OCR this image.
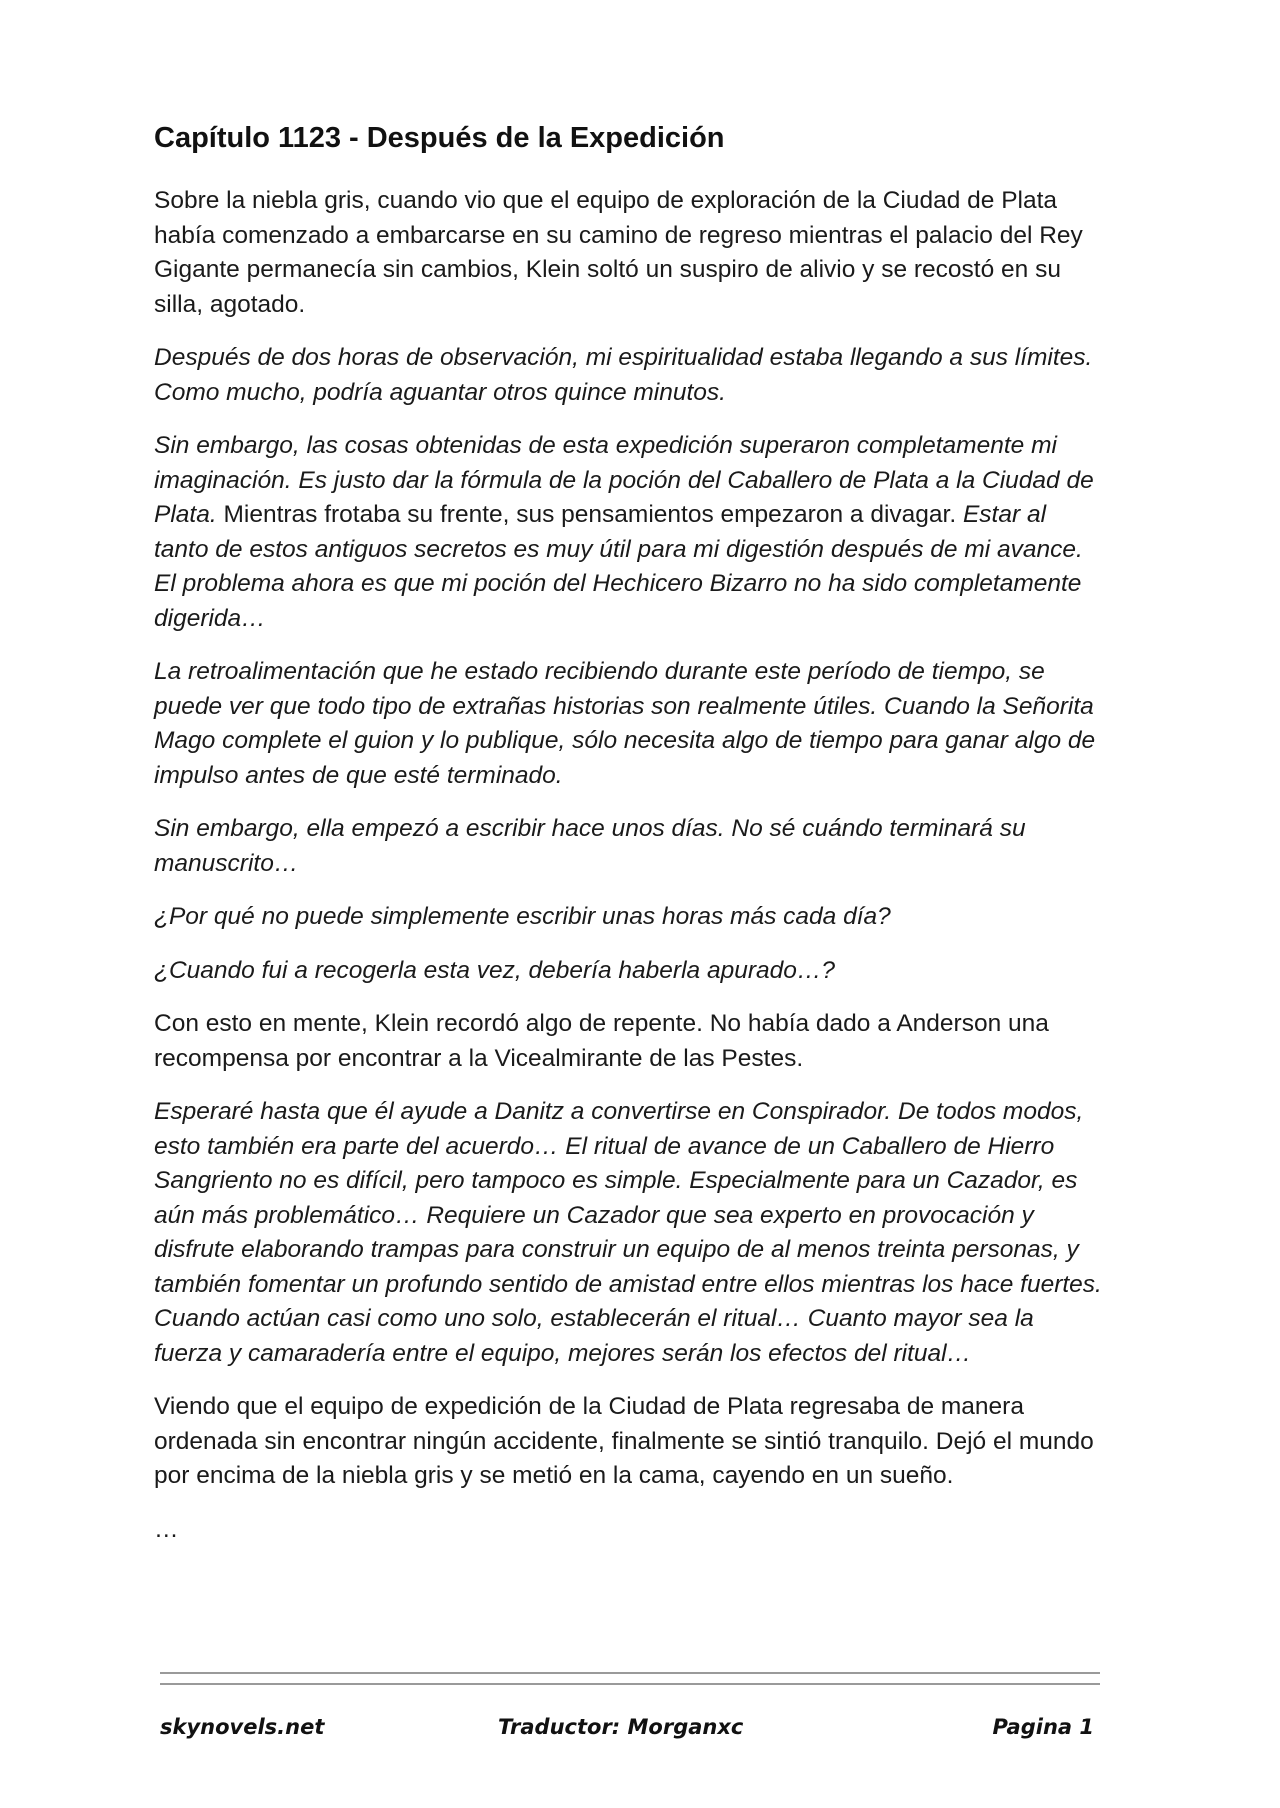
Capítulo 1123 - Después de la Expedición

Sobre la niebla gris, cuando vio que el equipo de exploración de la Ciudad de Plata había comenzado a embarcarse en su camino de regreso mientras el palacio del Rey Gigante permanecía sin cambios, Klein soltó un suspiro de alivio y se recostó en su silla, agotado.

Después de dos horas de observación, mi espiritualidad estaba llegando a sus límites. Como mucho, podría aguantar otros quince minutos.

Sin embargo, las cosas obtenidas de esta expedición superaron completamente mi imaginación. Es justo dar la fórmula de la poción del Caballero de Plata a la Ciudad de Plata. Mientras frotaba su frente, sus pensamientos empezaron a divagar. Estar al tanto de estos antiguos secretos es muy útil para mi digestión después de mi avance. El problema ahora es que mi poción del Hechicero Bizarro no ha sido completamente digerida…

La retroalimentación que he estado recibiendo durante este período de tiempo, se puede ver que todo tipo de extrañas historias son realmente útiles. Cuando la Señorita Mago complete el guion y lo publique, sólo necesita algo de tiempo para ganar algo de impulso antes de que esté terminado.

Sin embargo, ella empezó a escribir hace unos días. No sé cuándo terminará su manuscrito…

¿Por qué no puede simplemente escribir unas horas más cada día?

¿Cuando fui a recogerla esta vez, debería haberla apurado…?

Con esto en mente, Klein recordó algo de repente. No había dado a Anderson una recompensa por encontrar a la Vicealmirante de las Pestes.

Esperaré hasta que él ayude a Danitz a convertirse en Conspirador. De todos modos, esto también era parte del acuerdo… El ritual de avance de un Caballero de Hierro Sangriento no es difícil, pero tampoco es simple. Especialmente para un Cazador, es aún más problemático… Requiere un Cazador que sea experto en provocación y disfrute elaborando trampas para construir un equipo de al menos treinta personas, y también fomentar un profundo sentido de amistad entre ellos mientras los hace fuertes. Cuando actúan casi como uno solo, establecerán el ritual… Cuanto mayor sea la fuerza y camaradería entre el equipo, mejores serán los efectos del ritual…

Viendo que el equipo de expedición de la Ciudad de Plata regresaba de manera ordenada sin encontrar ningún accidente, finalmente se sintió tranquilo. Dejó el mundo por encima de la niebla gris y se metió en la cama, cayendo en un sueño.

…

skynovels.net	Traductor: Morganxc	Pagina 1
